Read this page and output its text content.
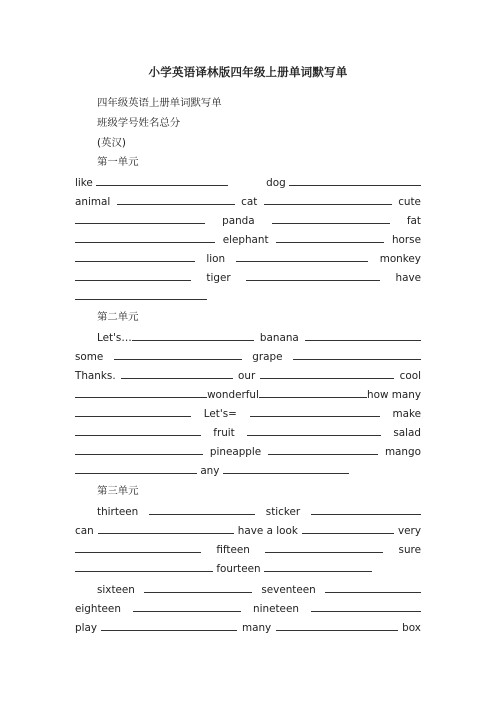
小学英语译林版四年级上册单词默写单
四年级英语上册单词默写单
班级学号姓名总分
(英汉)
第一单元
like	dog
animal	cat	cute
panda	fat
elephant	horse
lion	monkey
tiger	have
第二单元
Let's…	banana
some	grape
Thanks.	our	cool
wonderful	how many
Let's=	make
fruit	salad
pineapple	mango
any
第三单元
thirteen	sticker
can	have a look	very
fifteen	sure
fourteen
sixteen	seventeen
eighteen	nineteen
play	many	box
